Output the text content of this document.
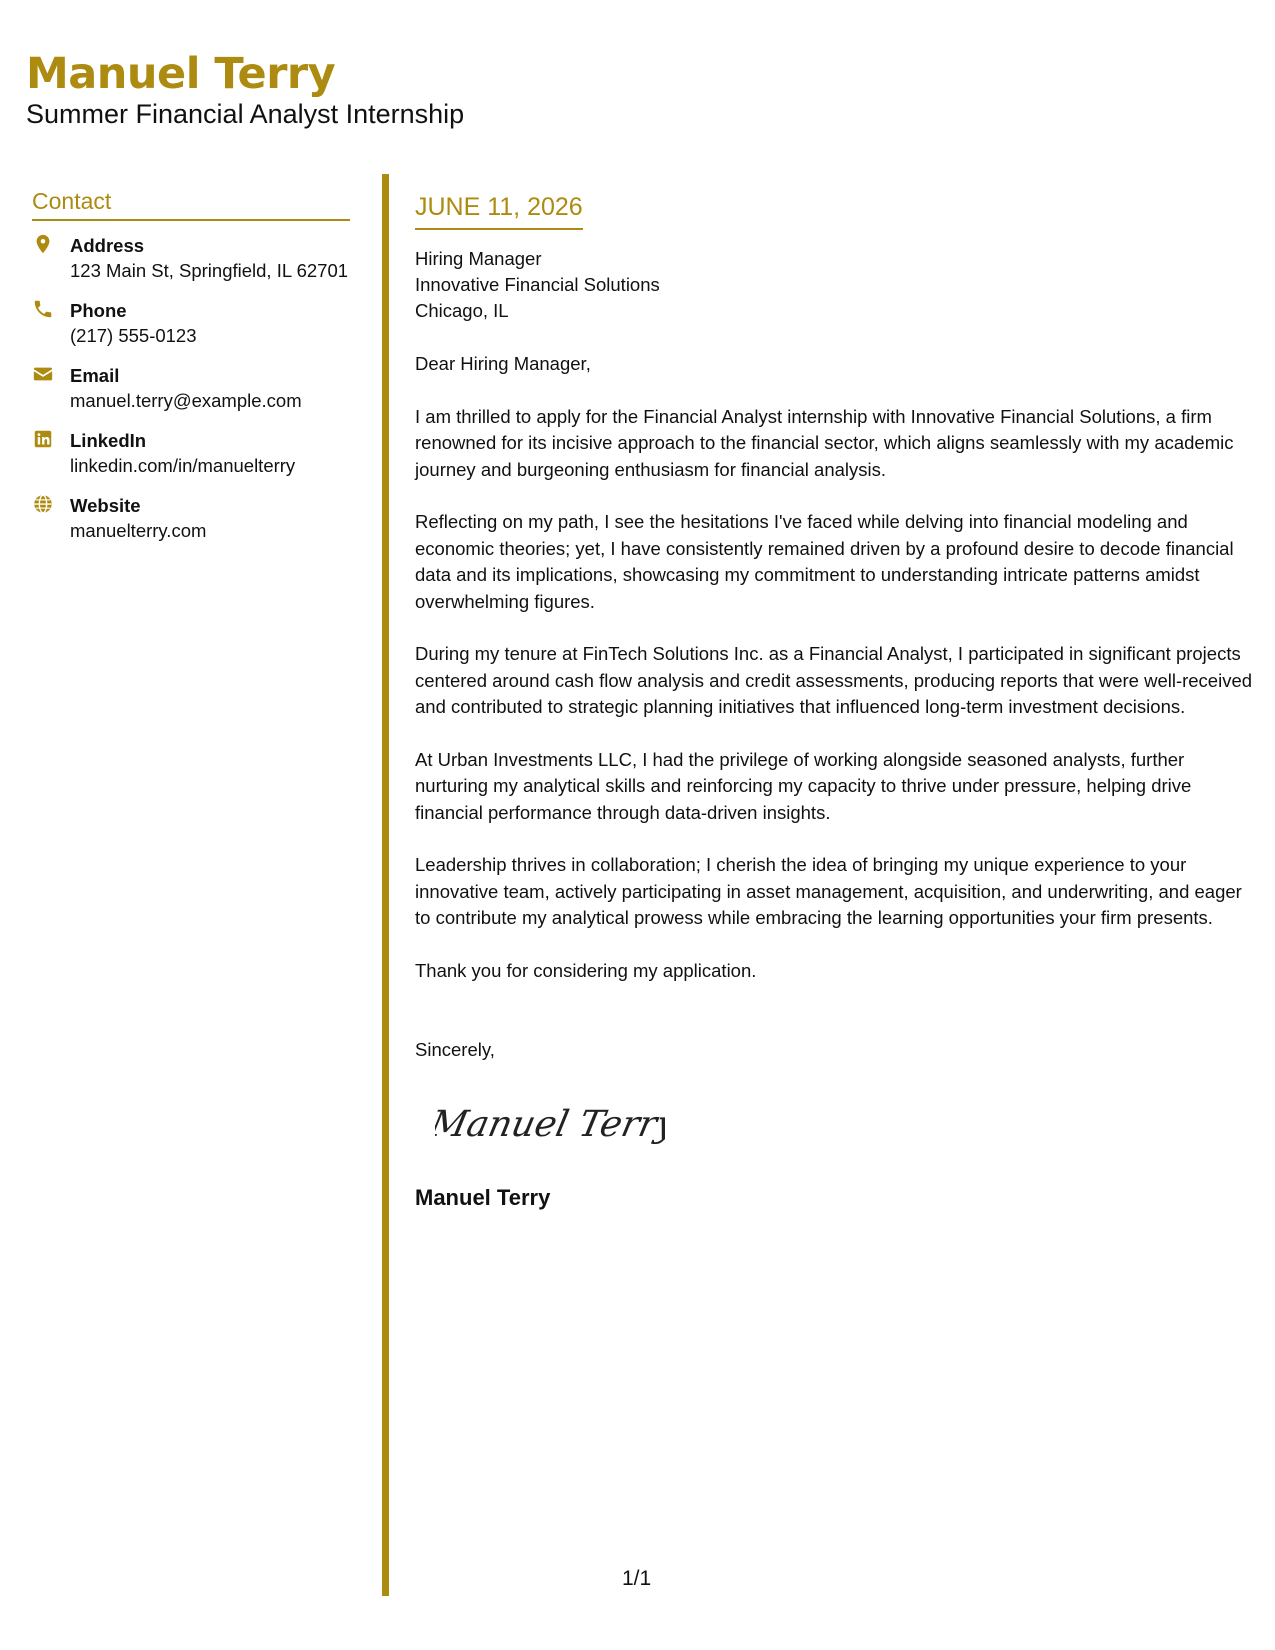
Manuel Terry
Summer Financial Analyst Internship
Contact
Address
123 Main St, Springfield, IL 62701
Phone
(217) 555-0123
Email
manuel.terry@example.com
LinkedIn
linkedin.com/in/manuelterry
Website
manuelterry.com
JUNE 11, 2026
Hiring Manager
Innovative Financial Solutions
Chicago, IL
Dear Hiring Manager,
I am thrilled to apply for the Financial Analyst internship with Innovative Financial Solutions, a firm renowned for its incisive approach to the financial sector, which aligns seamlessly with my academic journey and burgeoning enthusiasm for financial analysis.
Reflecting on my path, I see the hesitations I've faced while delving into financial modeling and economic theories; yet, I have consistently remained driven by a profound desire to decode financial data and its implications, showcasing my commitment to understanding intricate patterns amidst overwhelming figures.
During my tenure at FinTech Solutions Inc. as a Financial Analyst, I participated in significant projects centered around cash flow analysis and credit assessments, producing reports that were well-received and contributed to strategic planning initiatives that influenced long-term investment decisions.
At Urban Investments LLC, I had the privilege of working alongside seasoned analysts, further nurturing my analytical skills and reinforcing my capacity to thrive under pressure, helping drive financial performance through data-driven insights.
Leadership thrives in collaboration; I cherish the idea of bringing my unique experience to your innovative team, actively participating in asset management, acquisition, and underwriting, and eager to contribute my analytical prowess while embracing the learning opportunities your firm presents.
Thank you for considering my application.
Sincerely,
Manuel Terry
Manuel Terry
1/1
